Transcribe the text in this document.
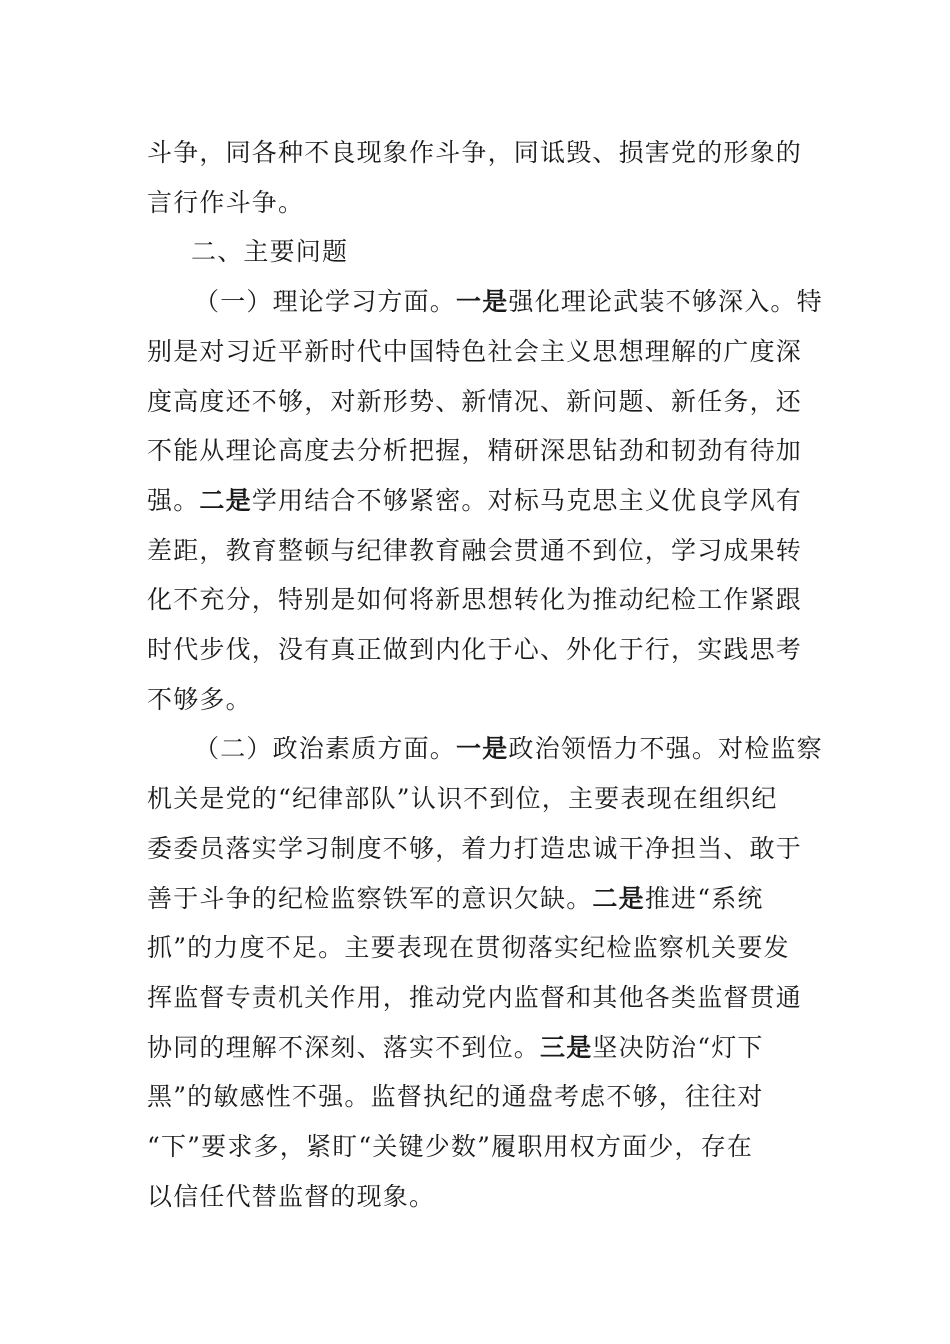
斗争，同各种不良现象作斗争，同诋毁、损害党的形象的
言行作斗争。

二、主要问题

（一）理论学习方面。一是强化理论武装不够深入。特
别是对习近平新时代中国特色社会主义思想理解的广度深
度高度还不够，对新形势、新情况、新问题、新任务，还
不能从理论高度去分析把握，精研深思钻劲和韧劲有待加
强。二是学用结合不够紧密。对标马克思主义优良学风有
差距，教育整顿与纪律教育融会贯通不到位，学习成果转
化不充分，特别是如何将新思想转化为推动纪检工作紧跟
时代步伐，没有真正做到内化于心、外化于行，实践思考
不够多。

（二）政治素质方面。一是政治领悟力不强。对检监察
机关是党的“纪律部队”认识不到位，主要表现在组织纪
委委员落实学习制度不够，着力打造忠诚干净担当、敢于
善于斗争的纪检监察铁军的意识欠缺。二是推进“系统
抓”的力度不足。主要表现在贯彻落实纪检监察机关要发
挥监督专责机关作用，推动党内监督和其他各类监督贯通
协同的理解不深刻、落实不到位。三是坚决防治“灯下
黑”的敏感性不强。监督执纪的通盘考虑不够，往往对
“下”要求多，紧盯“关键少数”履职用权方面少，存在
以信任代替监督的现象。
